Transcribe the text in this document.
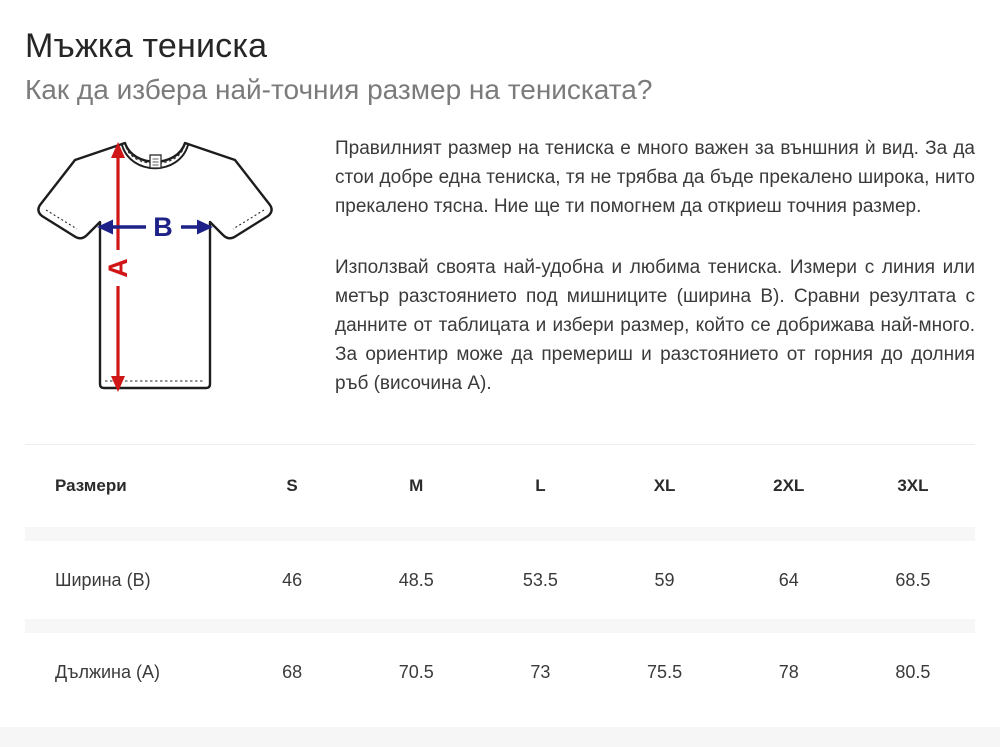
Мъжка тениска
Как да избера най-точния размер на тениската?
A
B

Правилният размер на тениска е много важен за външния ѝ вид. За да стои добре една тениска, тя не трябва да бъде прекалено широка, нито прекалено тясна. Ние ще ти помогнем да откриеш точния размер.

Използвай своята най-удобна и любима тениска. Измери с линия или метър разстоянието под мишниците (ширина B). Сравни резултата с данните от таблицата и избери размер, който се добрижава най-много. За ориентир може да премериш и разстоянието от горния до долния ръб (височина A).

Размери	S	M	L	XL	2XL	3XL
Ширина (B)	46	48.5	53.5	59	64	68.5
Дължина (A)	68	70.5	73	75.5	78	80.5
